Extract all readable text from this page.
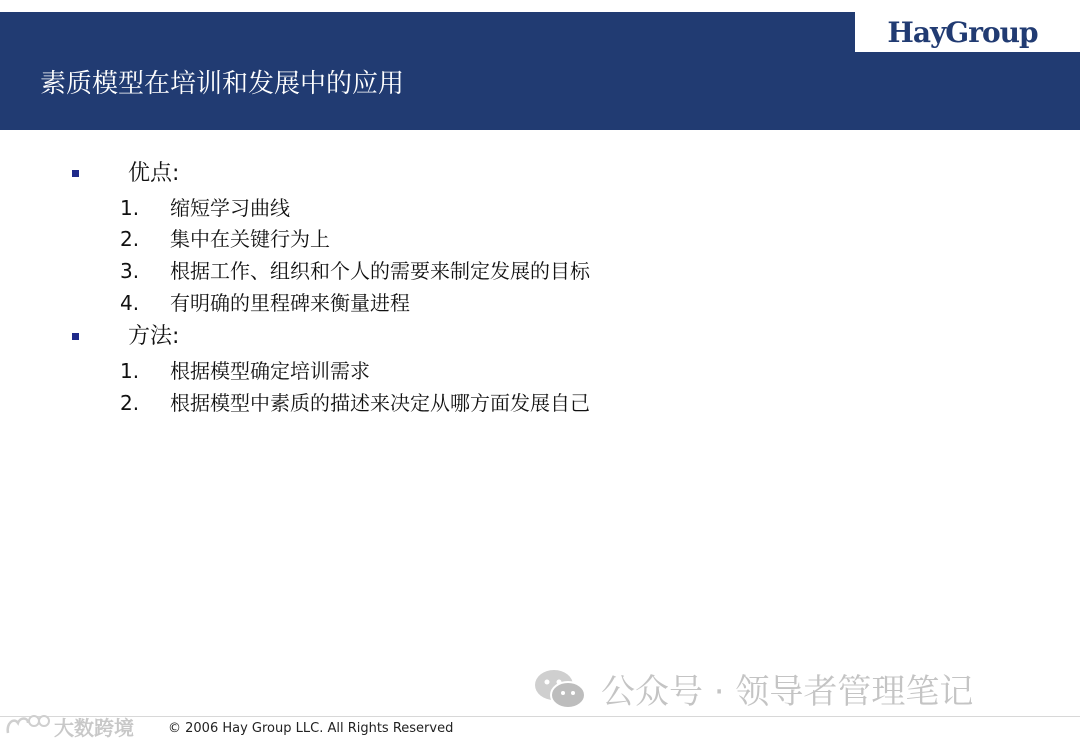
HayGroup
素质模型在培训和发展中的应用
优点:
1. 缩短学习曲线
2. 集中在关键行为上
3. 根据工作、组织和个人的需要来制定发展的目标
4. 有明确的里程碑来衡量进程
方法:
1. 根据模型确定培训需求
2. 根据模型中素质的描述来决定从哪方面发展自己
公众号 · 领导者管理笔记
大数跨境	© 2006 Hay Group LLC. All Rights Reserved
